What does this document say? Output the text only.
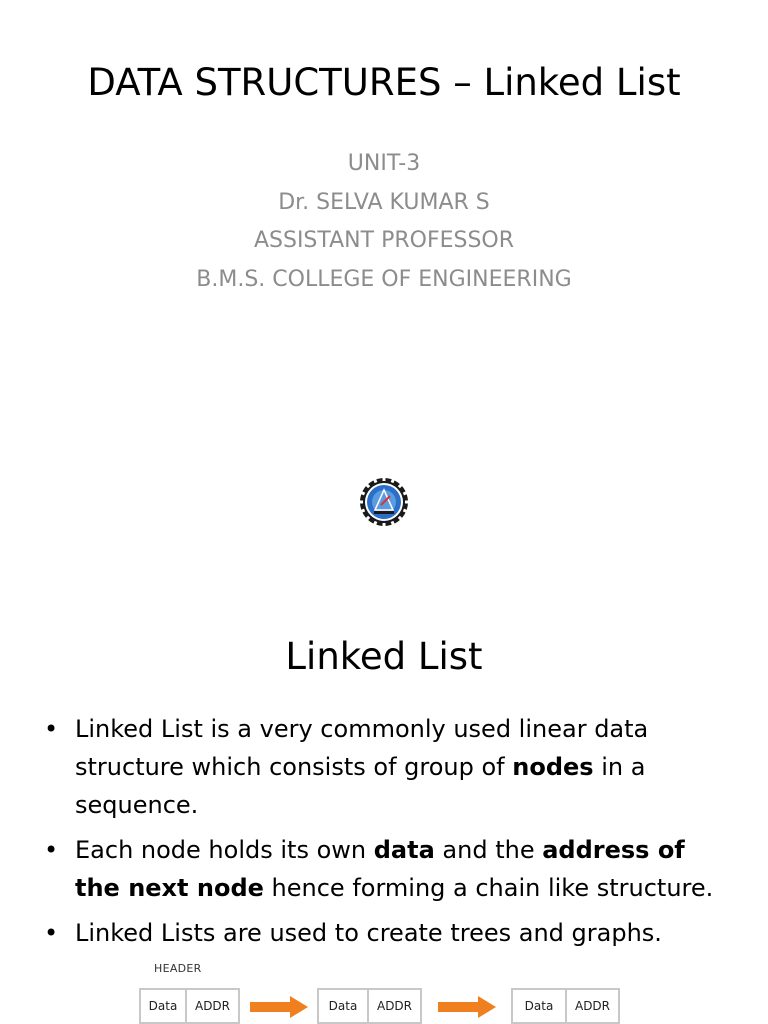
DATA STRUCTURES – Linked List
UNIT-3
Dr. SELVA KUMAR S
ASSISTANT PROFESSOR
B.M.S. COLLEGE OF ENGINEERING
Linked List
• Linked List is a very commonly used linear data structure which consists of group of nodes in a sequence.
• Each node holds its own data and the address of the next node hence forming a chain like structure.
• Linked Lists are used to create trees and graphs.
HEADER
Data	ADDR	Data	ADDR	Data	ADDR
